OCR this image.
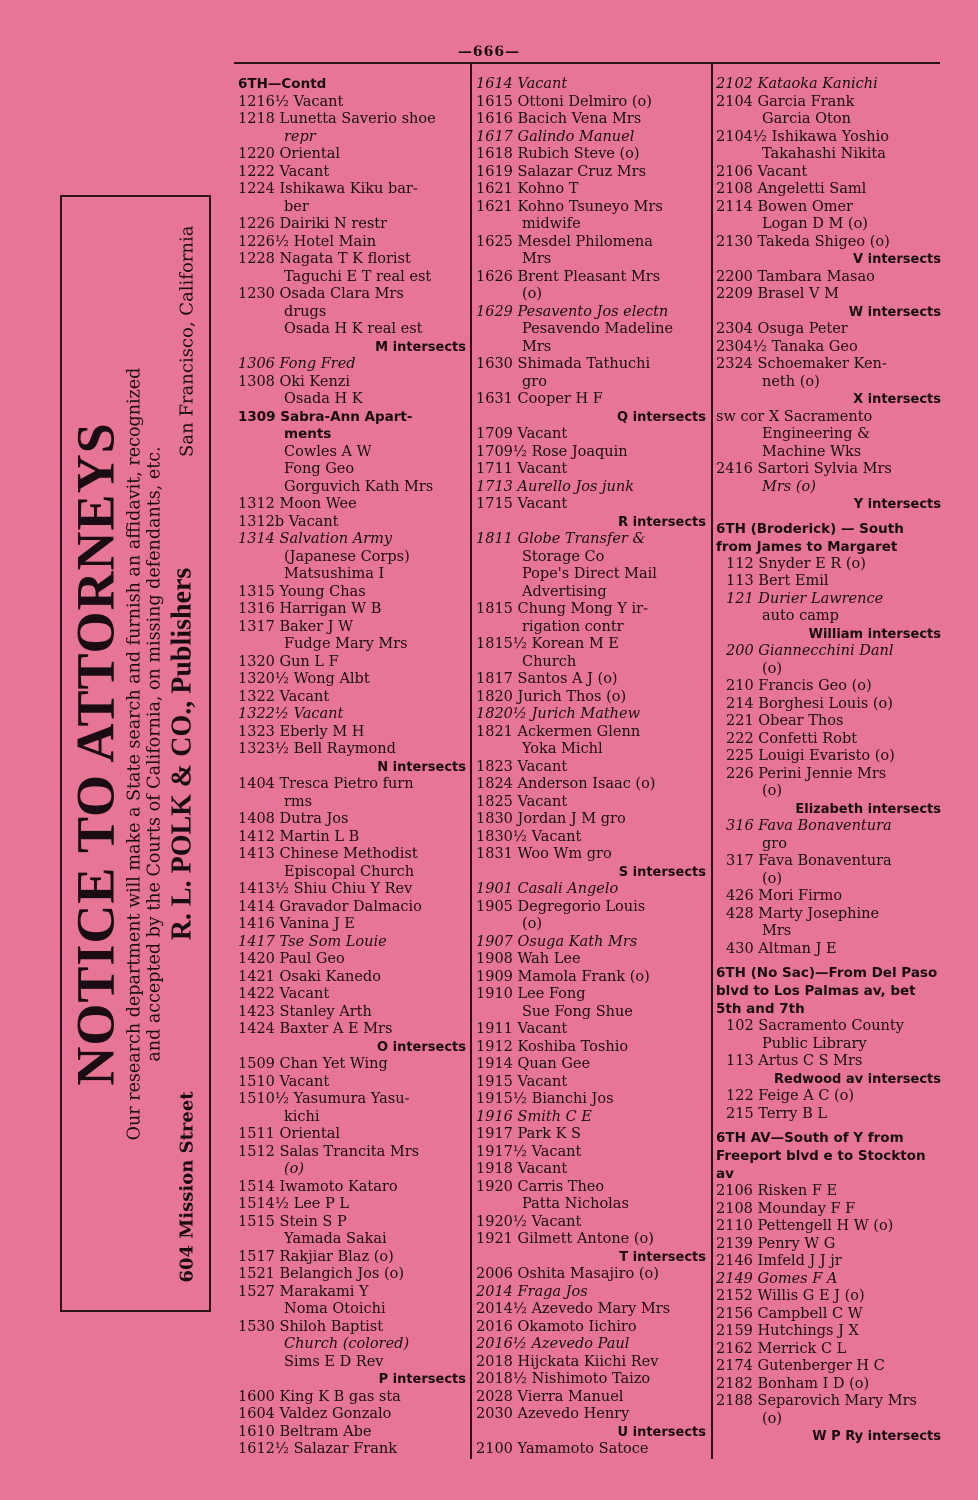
—666—
NOTICE TO ATTORNEYS Our research department will make a State search and furnish an affidavit, recognized and accepted by the Courts of California, on missing defendants, etc.
604 Mission Street
R. L. POLK & CO., Publishers
San Francisco, California
6TH—Contd
1216½ Vacant
1218 Lunetta Saverio shoe
repr
1220 Oriental
1222 Vacant
1224 Ishikawa Kiku bar-
ber
1226 Dairiki N restr
1226½ Hotel Main
1228 Nagata T K florist
Taguchi E T real est
1230 Osada Clara Mrs
drugs
Osada H K real est
M intersects
1306 Fong Fred
1308 Oki Kenzi
Osada H K
1309 Sabra-Ann Apart-
ments
Cowles A W
Fong Geo
Gorguvich Kath Mrs
1312 Moon Wee
1312b Vacant
1314 Salvation Army
(Japanese Corps)
Matsushima I
1315 Young Chas
1316 Harrigan W B
1317 Baker J W
Fudge Mary Mrs
1320 Gun L F
1320½ Wong Albt
1322 Vacant
1322½ Vacant
1323 Eberly M H
1323½ Bell Raymond
N intersects
1404 Tresca Pietro furn
rms
1408 Dutra Jos
1412 Martin L B
1413 Chinese Methodist
Episcopal Church
1413½ Shiu Chiu Y Rev
1414 Gravador Dalmacio
1416 Vanina J E
1417 Tse Som Louie
1420 Paul Geo
1421 Osaki Kanedo
1422 Vacant
1423 Stanley Arth
1424 Baxter A E Mrs
O intersects
1509 Chan Yet Wing
1510 Vacant
1510½ Yasumura Yasu-
kichi
1511 Oriental
1512 Salas Trancita Mrs
(o)
1514 Iwamoto Kataro
1514½ Lee P L
1515 Stein S P
Yamada Sakai
1517 Rakjiar Blaz (o)
1521 Belangich Jos (o)
1527 Marakami Y
Noma Otoichi
1530 Shiloh Baptist
Church (colored)
Sims E D Rev
P intersects
1600 King K B gas sta
1604 Valdez Gonzalo
1610 Beltram Abe
1612½ Salazar Frank
1614 Vacant
1615 Ottoni Delmiro (o)
1616 Bacich Vena Mrs
1617 Galindo Manuel
1618 Rubich Steve (o)
1619 Salazar Cruz Mrs
1621 Kohno T
1621 Kohno Tsuneyo Mrs
midwife
1625 Mesdel Philomena
Mrs
1626 Brent Pleasant Mrs
(o)
1629 Pesavento Jos electn
Pesavendo Madeline
Mrs
1630 Shimada Tathuchi
gro
1631 Cooper H F
Q intersects
1709 Vacant
1709½ Rose Joaquin
1711 Vacant
1713 Aurello Jos junk
1715 Vacant
R intersects
1811 Globe Transfer &
Storage Co
Pope's Direct Mail
Advertising
1815 Chung Mong Y ir-
rigation contr
1815½ Korean M E
Church
1817 Santos A J (o)
1820 Jurich Thos (o)
1820½ Jurich Mathew
1821 Ackermen Glenn
Yoka Michl
1823 Vacant
1824 Anderson Isaac (o)
1825 Vacant
1830 Jordan J M gro
1830½ Vacant
1831 Woo Wm gro
S intersects
1901 Casali Angelo
1905 Degregorio Louis
(o)
1907 Osuga Kath Mrs
1908 Wah Lee
1909 Mamola Frank (o)
1910 Lee Fong
Sue Fong Shue
1911 Vacant
1912 Koshiba Toshio
1914 Quan Gee
1915 Vacant
1915½ Bianchi Jos
1916 Smith C E
1917 Park K S
1917½ Vacant
1918 Vacant
1920 Carris Theo
Patta Nicholas
1920½ Vacant
1921 Gilmett Antone (o)
T intersects
2006 Oshita Masajiro (o)
2014 Fraga Jos
2014½ Azevedo Mary Mrs
2016 Okamoto Iichiro
2016½ Azevedo Paul
2018 Hijckata Kiichi Rev
2018½ Nishimoto Taizo
2028 Vierra Manuel
2030 Azevedo Henry
U intersects
2100 Yamamoto Satoce
2102 Kataoka Kanichi
2104 Garcia Frank
Garcia Oton
2104½ Ishikawa Yoshio
Takahashi Nikita
2106 Vacant
2108 Angeletti Saml
2114 Bowen Omer
Logan D M (o)
2130 Takeda Shigeo (o)
V intersects
2200 Tambara Masao
2209 Brasel V M
W intersects
2304 Osuga Peter
2304½ Tanaka Geo
2324 Schoemaker Ken-
neth (o)
X intersects
sw cor X Sacramento
Engineering &
Machine Wks
2416 Sartori Sylvia Mrs
Mrs (o)
Y intersects
6TH (Broderick) — South from James to Margaret
112 Snyder E R (o)
113 Bert Emil
121 Durier Lawrence
auto camp
William intersects
200 Giannecchini Danl
(o)
210 Francis Geo (o)
214 Borghesi Louis (o)
221 Obear Thos
222 Confetti Robt
225 Louigi Evaristo (o)
226 Perini Jennie Mrs
(o)
Elizabeth intersects
316 Fava Bonaventura
gro
317 Fava Bonaventura
(o)
426 Mori Firmo
428 Marty Josephine
Mrs
430 Altman J E
6TH (No Sac)—From Del Paso blvd to Los Palmas av, bet 5th and 7th
102 Sacramento County
Public Library
113 Artus C S Mrs
Redwood av intersects
122 Feige A C (o)
215 Terry B L
6TH AV—South of Y from Freeport blvd e to Stockton av
2106 Risken F E
2108 Mounday F F
2110 Pettengell H W (o)
2139 Penry W G
2146 Imfeld J J jr
2149 Gomes F A
2152 Willis G E J (o)
2156 Campbell C W
2159 Hutchings J X
2162 Merrick C L
2174 Gutenberger H C
2182 Bonham I D (o)
2188 Separovich Mary Mrs
(o)
W P Ry intersects
